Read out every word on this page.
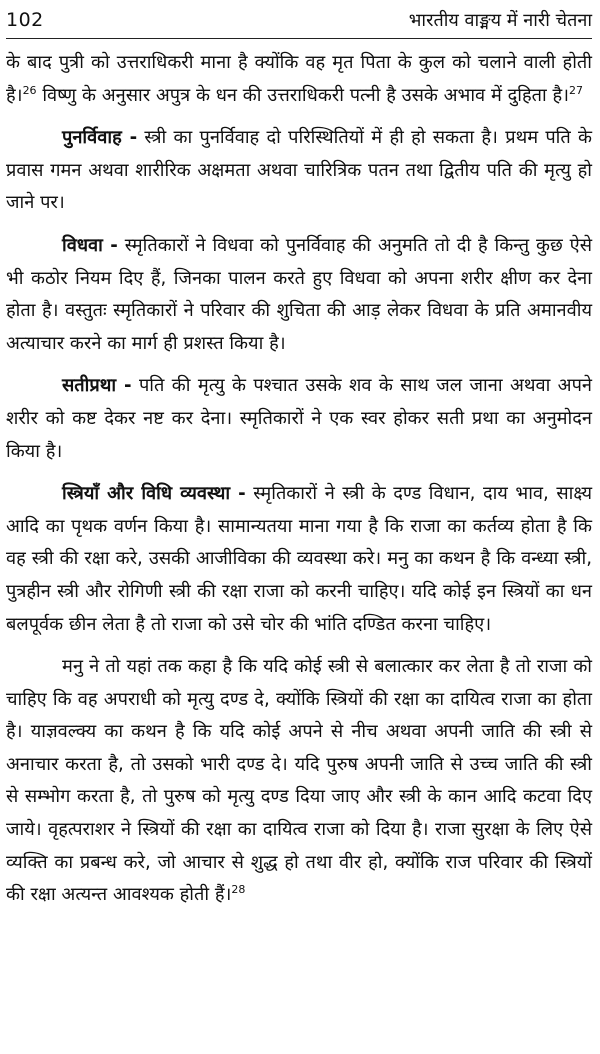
102	भारतीय वाङ्मय में नारी चेतना

के बाद पुत्री को उत्तराधिकरी माना है क्योंकि वह मृत पिता के कुल को चलाने वाली होती है।$^{26}$ विष्णु के अनुसार अपुत्र के धन की उत्तराधिकरी पत्नी है उसके अभाव में दुहिता है।$^{27}$

पुनर्विवाह - स्त्री का पुनर्विवाह दो परिस्थितियों में ही हो सकता है। प्रथम पति के प्रवास गमन अथवा शारीरिक अक्षमता अथवा चारित्रिक पतन तथा द्वितीय पति की मृत्यु हो जाने पर।

विधवा - स्मृतिकारों ने विधवा को पुनर्विवाह की अनुमति तो दी है किन्तु कुछ ऐसे भी कठोर नियम दिए हैं, जिनका पालन करते हुए विधवा को अपना शरीर क्षीण कर देना होता है। वस्तुतः स्मृतिकारों ने परिवार की शुचिता की आड़ लेकर विधवा के प्रति अमानवीय अत्याचार करने का मार्ग ही प्रशस्त किया है।

सतीप्रथा - पति की मृत्यु के पश्चात उसके शव के साथ जल जाना अथवा अपने शरीर को कष्ट देकर नष्ट कर देना। स्मृतिकारों ने एक स्वर होकर सती प्रथा का अनुमोदन किया है।

स्त्रियाँ और विधि व्यवस्था - स्मृतिकारों ने स्त्री के दण्ड विधान, दाय भाव, साक्ष्य आदि का पृथक वर्णन किया है। सामान्यतया माना गया है कि राजा का कर्तव्य होता है कि वह स्त्री की रक्षा करे, उसकी आजीविका की व्यवस्था करे। मनु का कथन है कि वन्ध्या स्त्री, पुत्रहीन स्त्री और रोगिणी स्त्री की रक्षा राजा को करनी चाहिए। यदि कोई इन स्त्रियों का धन बलपूर्वक छीन लेता है तो राजा को उसे चोर की भांति दण्डित करना चाहिए।

मनु ने तो यहां तक कहा है कि यदि कोई स्त्री से बलात्कार कर लेता है तो राजा को चाहिए कि वह अपराधी को मृत्यु दण्ड दे, क्योंकि स्त्रियों की रक्षा का दायित्व राजा का होता है। याज्ञवल्क्य का कथन है कि यदि कोई अपने से नीच अथवा अपनी जाति की स्त्री से अनाचार करता है, तो उसको भारी दण्ड दे। यदि पुरुष अपनी जाति से उच्च जाति की स्त्री से सम्भोग करता है, तो पुरुष को मृत्यु दण्ड दिया जाए और स्त्री के कान आदि कटवा दिए जाये। वृहत्पराशर ने स्त्रियों की रक्षा का दायित्व राजा को दिया है। राजा सुरक्षा के लिए ऐसे व्यक्ति का प्रबन्ध करे, जो आचार से शुद्ध हो तथा वीर हो, क्योंकि राज परिवार की स्त्रियों की रक्षा अत्यन्त आवश्यक होती हैं।$^{28}$
